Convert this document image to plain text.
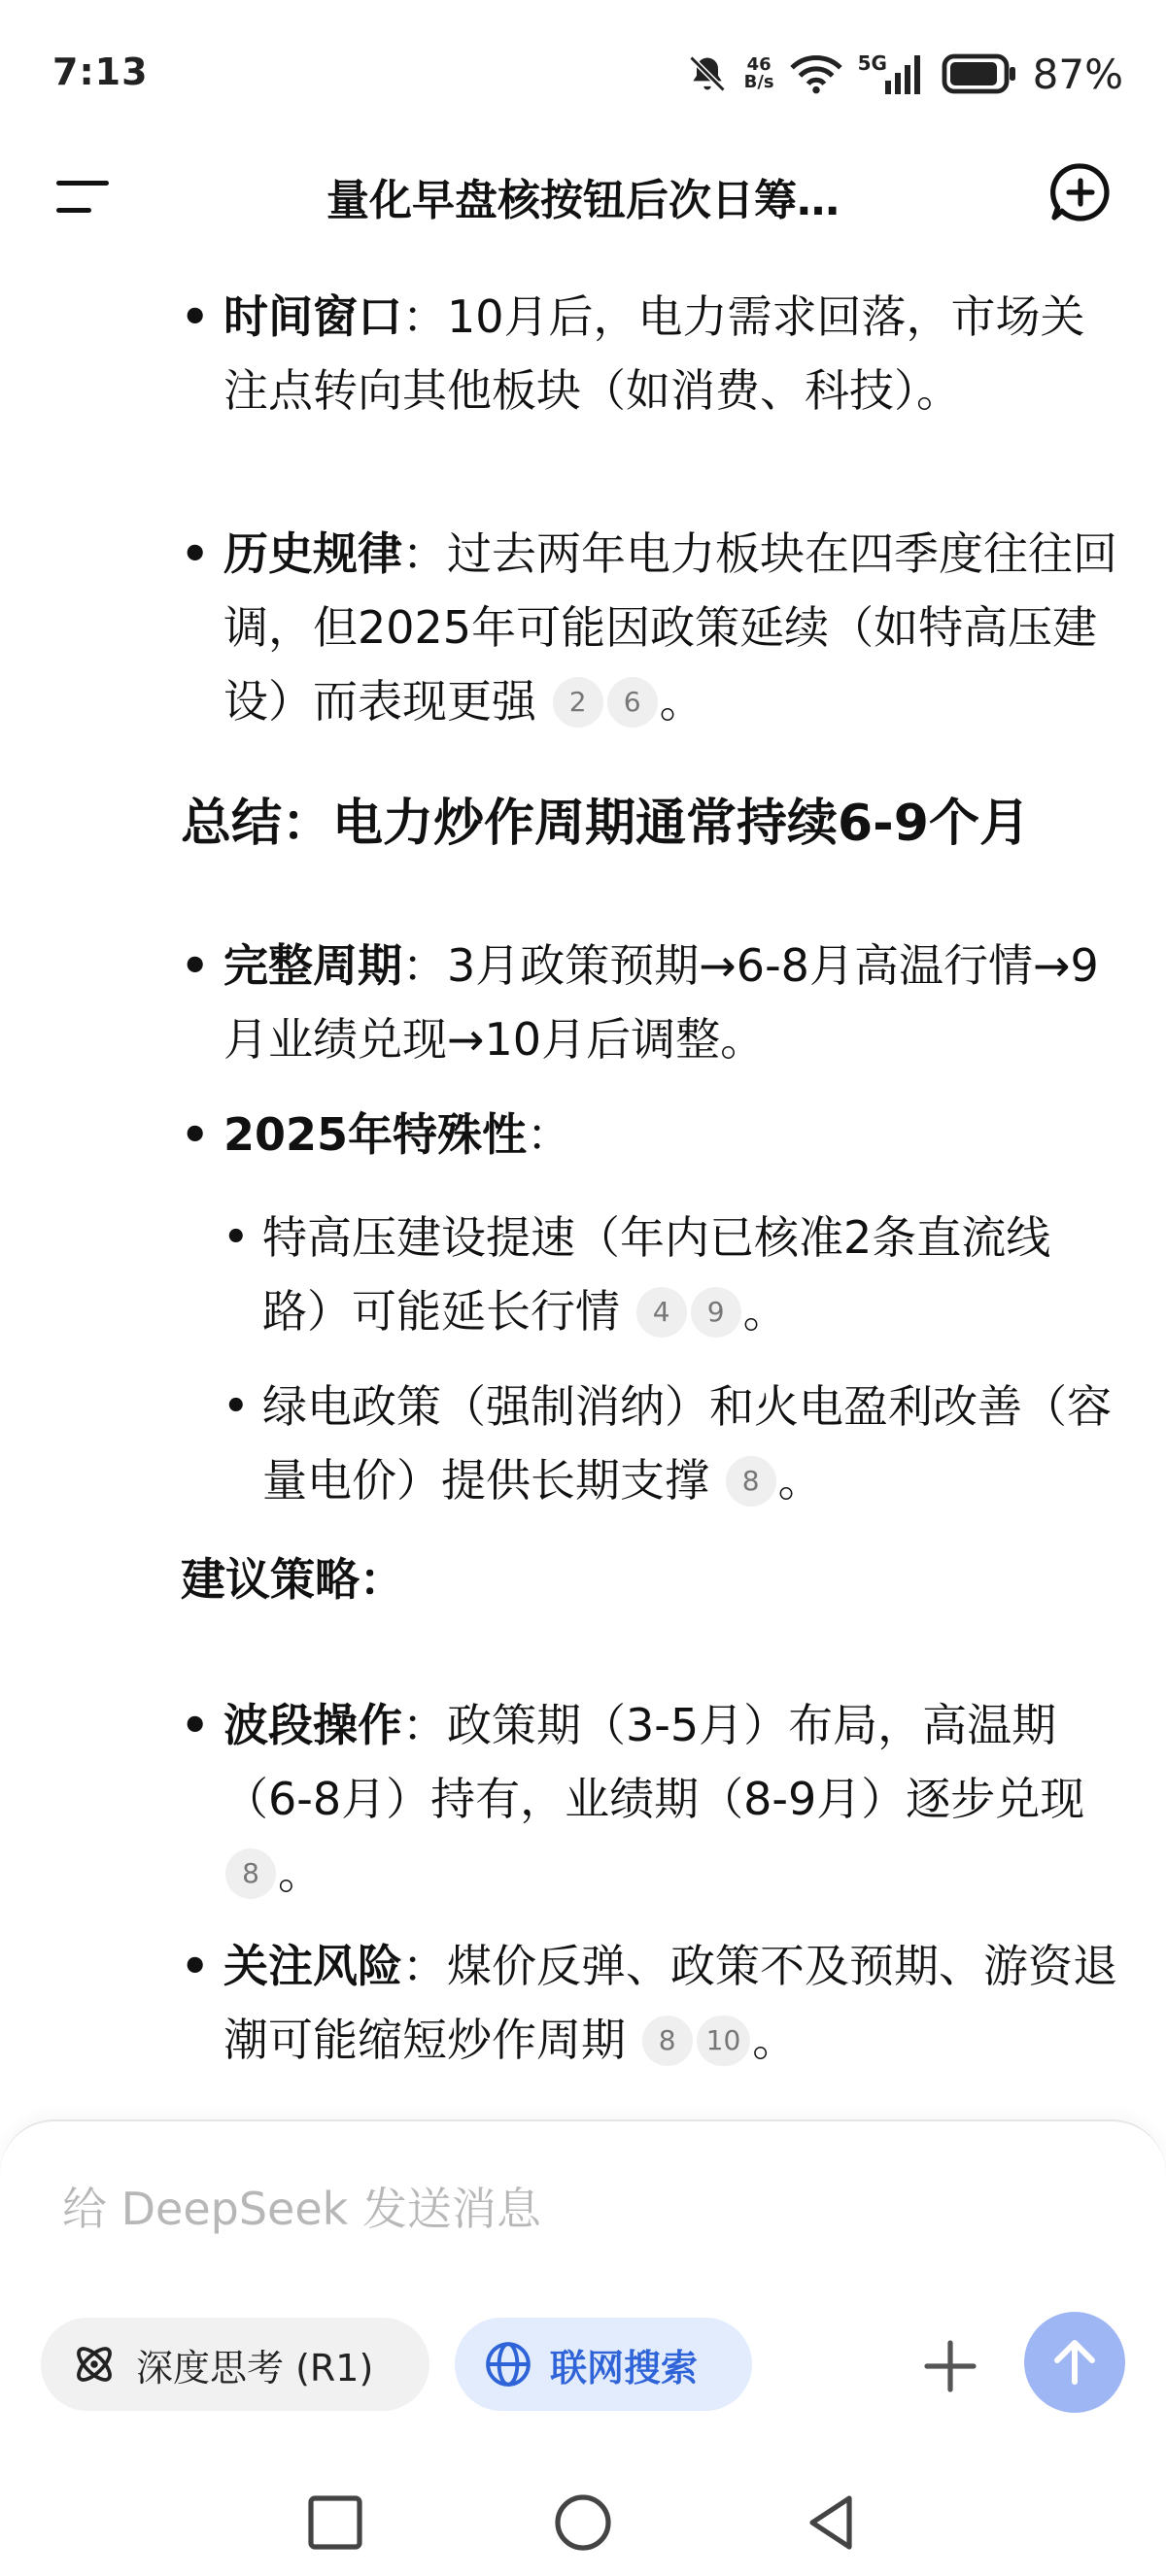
7:13	46
B/s
5G	87%
量化早盘核按钮后次日筹…
• 时间窗口：10月后，电力需求回落，市场关注点转向其他板块（如消费、科技）。
• 历史规律：过去两年电力板块在四季度往往回调，但2025年可能因政策延续（如特高压建设）而表现更强 2 6 。
总结：电力炒作周期通常持续6-9个月
• 完整周期：3月政策预期→6-8月高温行情→9月业绩兑现→10月后调整。
• 2025年特殊性：
• 特高压建设提速（年内已核准2条直流线路）可能延长行情 4 9 。
• 绿电政策（强制消纳）和火电盈利改善（容量电价）提供长期支撑 8 。
建议策略：
• 波段操作：政策期（3-5月）布局，高温期（6-8月）持有，业绩期（8-9月）逐步兑现 8 。
• 关注风险：煤价反弹、政策不及预期、游资退潮可能缩短炒作周期 8 10 。
给 DeepSeek 发送消息
深度思考 (R1)	联网搜索
